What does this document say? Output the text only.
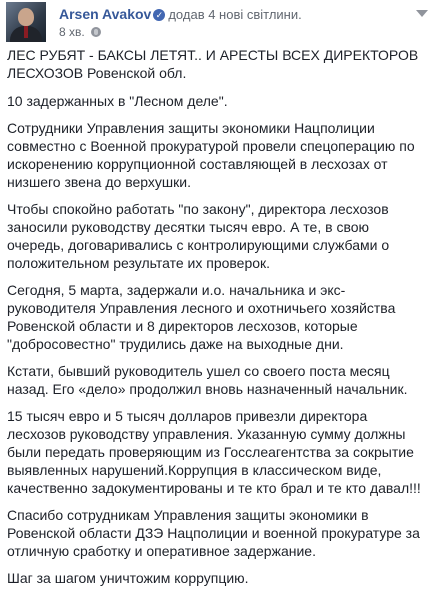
Arsen Avakov ✓ додав 4 нові світлини.
8 хв.

ЛЕС РУБЯТ - БАКСЫ ЛЕТЯТ.. И АРЕСТЫ ВСЕХ ДИРЕКТОРОВ ЛЕСХОЗОВ Ровенской обл.

10 задержанных в "Лесном деле".

Сотрудники Управления защиты экономики Нацполиции совместно с Военной прокуратурой провели спецоперацию по искоренению коррупционной составляющей в лесхозах от низшего звена до верхушки.

Чтобы спокойно работать "по закону", директора лесхозов заносили руководству десятки тысяч евро. А те, в свою очередь, договаривались с контролирующими службами о положительном результате их проверок.

Сегодня, 5 марта, задержали и.о. начальника и экс-руководителя Управления лесного и охотничьего хозяйства Ровенской области и 8 директоров лесхозов, которые "добросовестно" трудились даже на выходные дни.

Кстати, бывший руководитель ушел со своего поста месяц назад. Его «дело» продолжил вновь назначенный начальник.

15 тысяч евро и 5 тысяч долларов привезли директора лесхозов руководству управления. Указанную сумму должны были передать проверяющим из Госслеагентства за сокрытие выявленных нарушений.Коррупция в классическом виде, качественно задокументированы и те кто брал и те кто давал!!!

Спасибо сотрудникам Управления защиты экономики в Ровенской области ДЗЭ Нацполиции и военной прокуратуре за отличную сработку и оперативное задержание.

Шаг за шагом уничтожим коррупцию.
